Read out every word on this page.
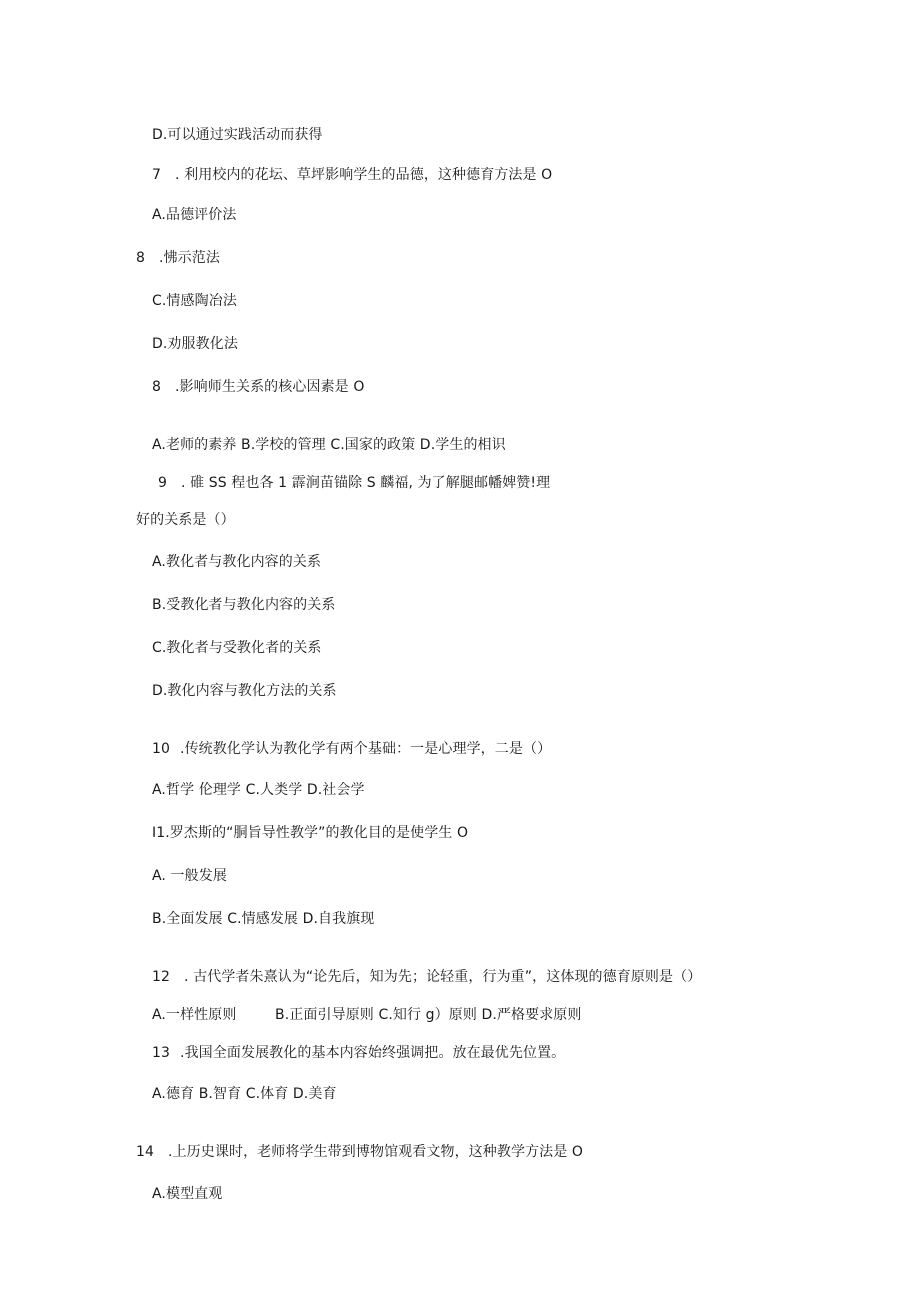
D.可以通过实践活动而获得
7 . 利用校内的花坛、草坪影响学生的品德，这种德育方法是 O
A.品德评价法
8 .怫示范法
C.情感陶冶法
D.劝服教化法
8 .影响师生关系的核心因素是 O
A.老师的素养 B.学校的管理 C.国家的政策 D.学生的相识
9 . 碓 SS 程也各 1 霹涧苗锚除 S 麟福, 为了解腿邮幡婢赞!理
好的关系是（）
A.教化者与教化内容的关系
B.受教化者与教化内容的关系
C.教化者与受教化者的关系
D.教化内容与教化方法的关系
10 .传统教化学认为教化学有两个基础：一是心理学，二是（）
A.哲学 伦理学 C.人类学 D.社会学
I1.罗杰斯的“胴旨导性教学”的教化目的是使学生 O
A. 一般发展
B.全面发展 C.情感发展 D.自我旗现
12 . 古代学者朱熹认为“论先后，知为先；论轻重，行为重”，这体现的德育原则是（）
A.一样性原则	B.正面引导原则 C.知行 g）原则 D.严格要求原则
13 .我国全面发展教化的基本内容始终强调把。放在最优先位置。
A.德育 B.智育 C.体育 D.美育
14 .上历史课时，老师将学生带到博物馆观看文物，这种教学方法是 O
A.模型直观
